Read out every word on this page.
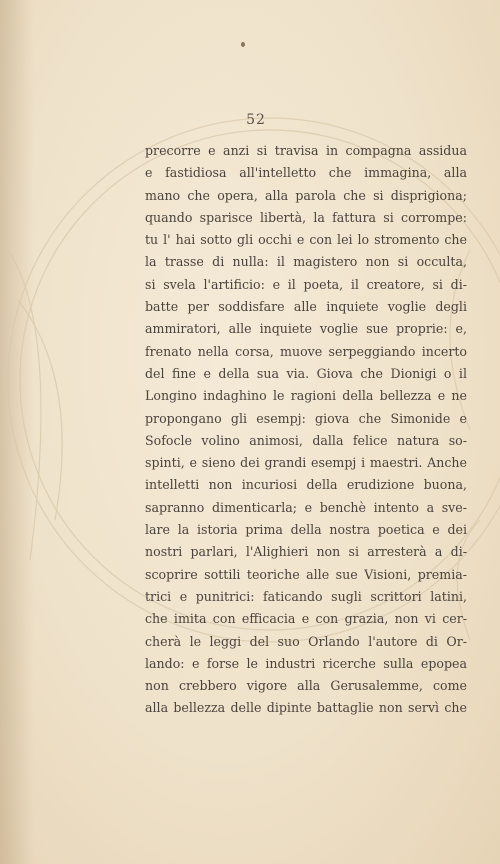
52
precorre e anzi si travisa in compagna assidua
e fastidiosa all'intelletto che immagina, alla
mano che opera, alla parola che si disprigiona;
quando sparisce libertà, la fattura si corrompe:
tu l' hai sotto gli occhi e con lei lo stromento che
la trasse di nulla: il magistero non si occulta,
si svela l'artificio: e il poeta, il creatore, si di-
batte per soddisfare alle inquiete voglie degli
ammiratori, alle inquiete voglie sue proprie: e,
frenato nella corsa, muove serpeggiando incerto
del fine e della sua via. Giova che Dionigi o il
Longino indaghino le ragioni della bellezza e ne
propongano gli esempj: giova che Simonide e
Sofocle volino animosi, dalla felice natura so-
spinti, e sieno dei grandi esempj i maestri. Anche
intelletti non incuriosi della erudizione buona,
sapranno dimenticarla; e benchè intento a sve-
lare la istoria prima della nostra poetica e dei
nostri parlari, l'Alighieri non si arresterà a di-
scoprire sottili teoriche alle sue Visioni, premia-
trici e punitrici: faticando sugli scrittori latini,
che imita con efficacia e con grazia, non vi cer-
cherà le leggi del suo Orlando l'autore di Or-
lando: e forse le industri ricerche sulla epopea
non crebbero vigore alla Gerusalemme, come
alla bellezza delle dipinte battaglie non servì che
